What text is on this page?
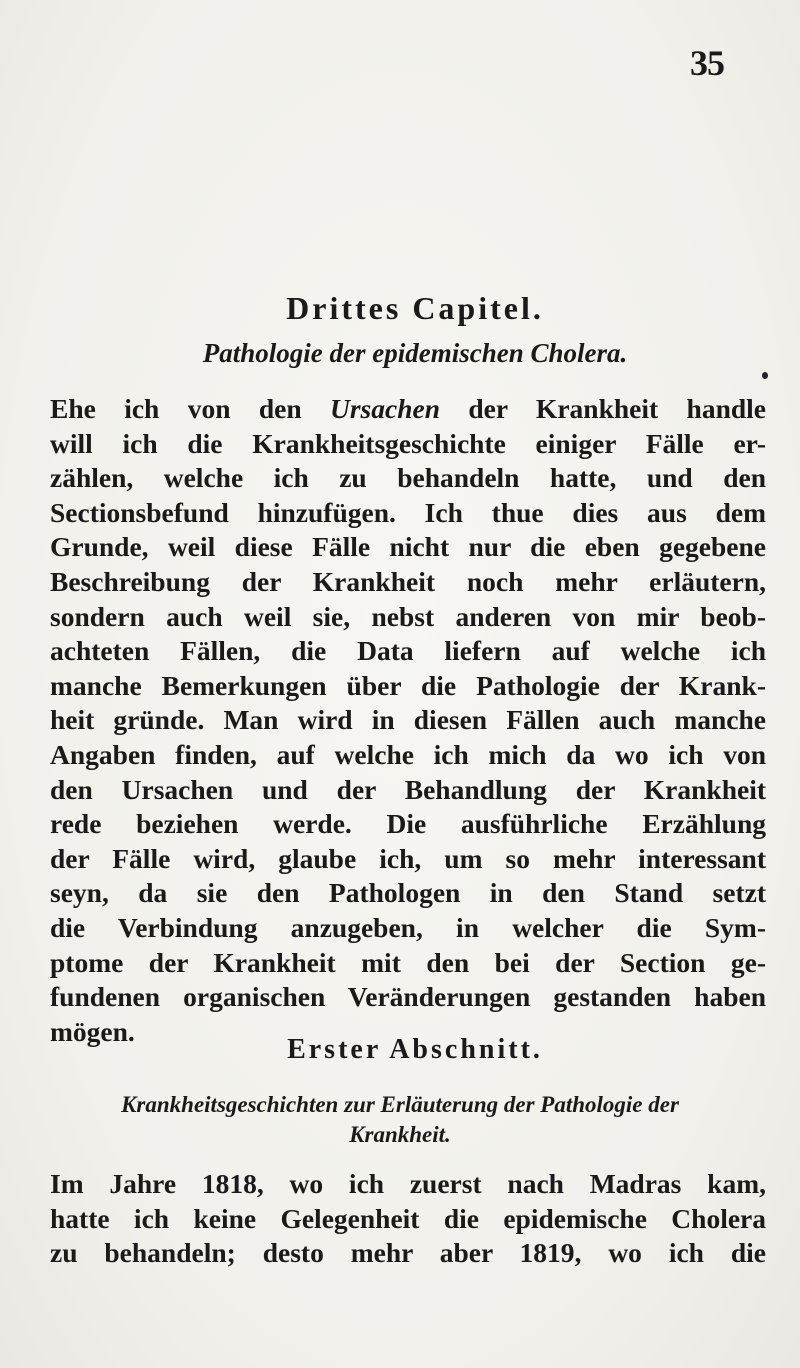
35
Drittes Capitel.
Pathologie der epidemischen Cholera.

Ehe ich von den Ursachen der Krankheit handle
will ich die Krankheitsgeschichte einiger Fälle er-
zählen, welche ich zu behandeln hatte, und den
Sectionsbefund hinzufügen. Ich thue dies aus dem
Grunde, weil diese Fälle nicht nur die eben gegebene
Beschreibung der Krankheit noch mehr erläutern,
sondern auch weil sie, nebst anderen von mir beob-
achteten Fällen, die Data liefern auf welche ich
manche Bemerkungen über die Pathologie der Krank-
heit gründe. Man wird in diesen Fällen auch manche
Angaben finden, auf welche ich mich da wo ich von
den Ursachen und der Behandlung der Krankheit
rede beziehen werde. Die ausführliche Erzählung
der Fälle wird, glaube ich, um so mehr interessant
seyn, da sie den Pathologen in den Stand setzt
die Verbindung anzugeben, in welcher die Sym-
ptome der Krankheit mit den bei der Section ge-
fundenen organischen Veränderungen gestanden haben
mögen.

Erster Abschnitt.
Krankheitsgeschichten zur Erläuterung der Pathologie der Krankheit.

Im Jahre 1818, wo ich zuerst nach Madras kam,
hatte ich keine Gelegenheit die epidemische Cholera
zu behandeln; desto mehr aber 1819, wo ich die
